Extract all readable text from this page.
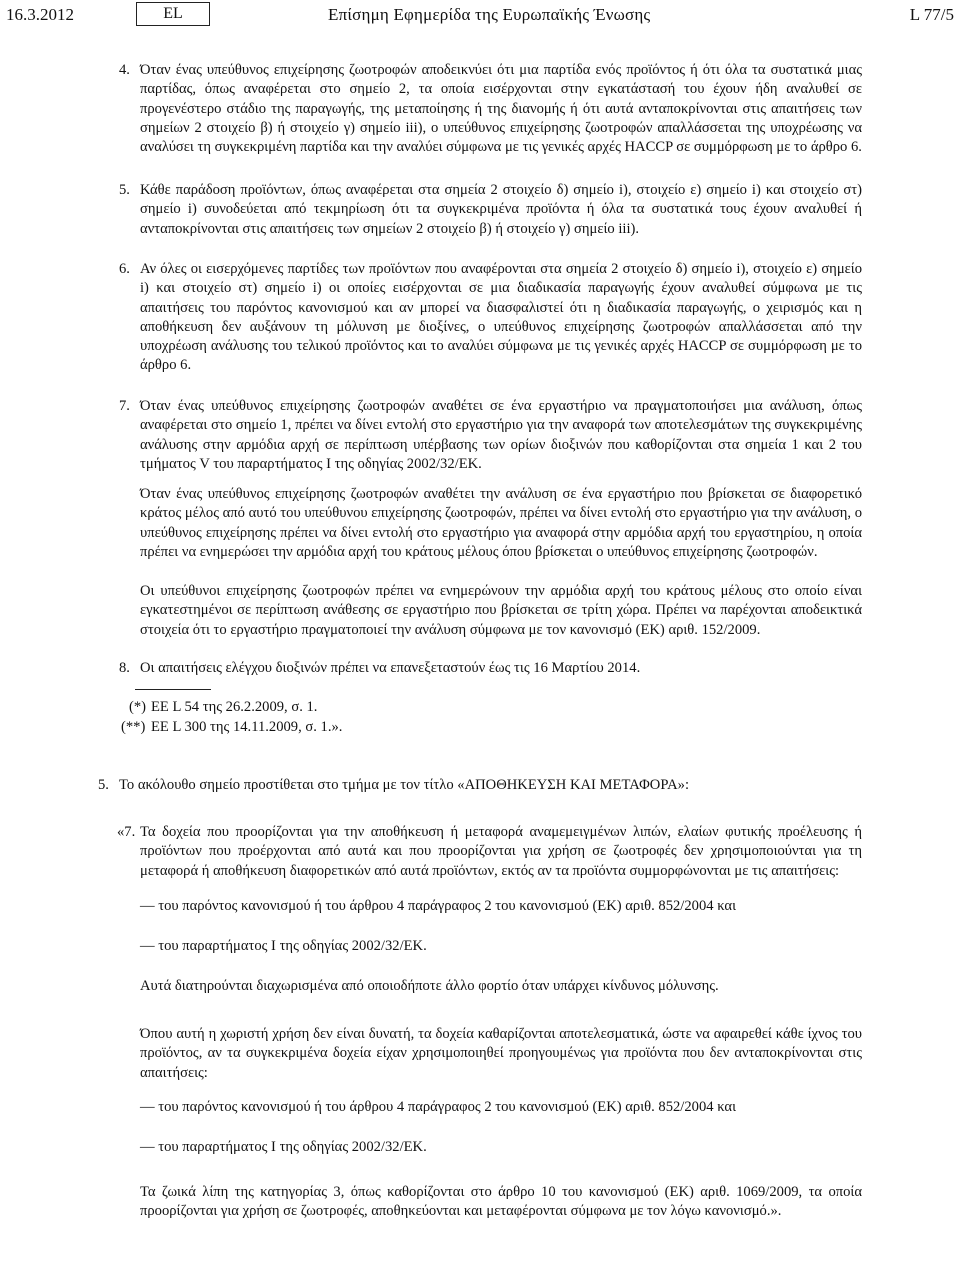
16.3.2012	EL	Επίσημη Εφημερίδα της Ευρωπαϊκής Ένωσης	L 77/5
4. Όταν ένας υπεύθυνος επιχείρησης ζωοτροφών αποδεικνύει ότι μια παρτίδα ενός προϊόντος ή ότι όλα τα συστατικά μιας παρτίδας, όπως αναφέρεται στο σημείο 2, τα οποία εισέρχονται στην εγκατάστασή του έχουν ήδη αναλυθεί σε προγενέστερο στάδιο της παραγωγής, της μεταποίησης ή της διανομής ή ότι αυτά ανταποκρίνονται στις απαιτήσεις των σημείων 2 στοιχείο β) ή στοιχείο γ) σημείο iii), ο υπεύθυνος επιχείρησης ζωοτροφών απαλλάσσεται της υποχρέωσης να αναλύσει τη συγκεκριμένη παρτίδα και την αναλύει σύμφωνα με τις γενικές αρχές HACCP σε συμμόρφωση με το άρθρο 6.
5. Κάθε παράδοση προϊόντων, όπως αναφέρεται στα σημεία 2 στοιχείο δ) σημείο i), στοιχείο ε) σημείο i) και στοιχείο στ) σημείο i) συνοδεύεται από τεκμηρίωση ότι τα συγκεκριμένα προϊόντα ή όλα τα συστατικά τους έχουν αναλυθεί ή ανταποκρίνονται στις απαιτήσεις των σημείων 2 στοιχείο β) ή στοιχείο γ) σημείο iii).
6. Αν όλες οι εισερχόμενες παρτίδες των προϊόντων που αναφέρονται στα σημεία 2 στοιχείο δ) σημείο i), στοιχείο ε) σημείο i) και στοιχείο στ) σημείο i) οι οποίες εισέρχονται σε μια διαδικασία παραγωγής έχουν αναλυθεί σύμφωνα με τις απαιτήσεις του παρόντος κανονισμού και αν μπορεί να διασφαλιστεί ότι η διαδικασία παραγωγής, ο χειρισμός και η αποθήκευση δεν αυξάνουν τη μόλυνση με διοξίνες, ο υπεύθυνος επιχείρησης ζωοτροφών απαλλάσσεται από την υποχρέωση ανάλυσης του τελικού προϊόντος και το αναλύει σύμφωνα με τις γενικές αρχές HACCP σε συμμόρφωση με το άρθρο 6.
7. Όταν ένας υπεύθυνος επιχείρησης ζωοτροφών αναθέτει σε ένα εργαστήριο να πραγματοποιήσει μια ανάλυση, όπως αναφέρεται στο σημείο 1, πρέπει να δίνει εντολή στο εργαστήριο για την αναφορά των αποτελεσμάτων της συγκεκριμένης ανάλυσης στην αρμόδια αρχή σε περίπτωση υπέρβασης των ορίων διοξινών που καθορίζονται στα σημεία 1 και 2 του τμήματος V του παραρτήματος I της οδηγίας 2002/32/ΕΚ.
Όταν ένας υπεύθυνος επιχείρησης ζωοτροφών αναθέτει την ανάλυση σε ένα εργαστήριο που βρίσκεται σε διαφορετικό κράτος μέλος από αυτό του υπεύθυνου επιχείρησης ζωοτροφών, πρέπει να δίνει εντολή στο εργαστήριο για την ανάλυση, ο υπεύθυνος επιχείρησης πρέπει να δίνει εντολή στο εργαστήριο για αναφορά στην αρμόδια αρχή του εργαστηρίου, η οποία πρέπει να ενημερώσει την αρμόδια αρχή του κράτους μέλους όπου βρίσκεται ο υπεύθυνος επιχείρησης ζωοτροφών.
Οι υπεύθυνοι επιχείρησης ζωοτροφών πρέπει να ενημερώνουν την αρμόδια αρχή του κράτους μέλους στο οποίο είναι εγκατεστημένοι σε περίπτωση ανάθεσης σε εργαστήριο που βρίσκεται σε τρίτη χώρα. Πρέπει να παρέχονται αποδεικτικά στοιχεία ότι το εργαστήριο πραγματοποιεί την ανάλυση σύμφωνα με τον κανονισμό (ΕΚ) αριθ. 152/2009.
8. Οι απαιτήσεις ελέγχου διοξινών πρέπει να επανεξεταστούν έως τις 16 Μαρτίου 2014.
(*) ΕΕ L 54 της 26.2.2009, σ. 1.
(**) ΕΕ L 300 της 14.11.2009, σ. 1.».
5. Το ακόλουθο σημείο προστίθεται στο τμήμα με τον τίτλο «ΑΠΟΘΗΚΕΥΣΗ ΚΑΙ ΜΕΤΑΦΟΡΑ»:
«7. Τα δοχεία που προορίζονται για την αποθήκευση ή μεταφορά αναμεμειγμένων λιπών, ελαίων φυτικής προέλευσης ή προϊόντων που προέρχονται από αυτά και που προορίζονται για χρήση σε ζωοτροφές δεν χρησιμοποιούνται για τη μεταφορά ή αποθήκευση διαφορετικών από αυτά προϊόντων, εκτός αν τα προϊόντα συμμορφώνονται με τις απαιτήσεις:
— του παρόντος κανονισμού ή του άρθρου 4 παράγραφος 2 του κανονισμού (ΕΚ) αριθ. 852/2004 και
— του παραρτήματος I της οδηγίας 2002/32/ΕΚ.
Αυτά διατηρούνται διαχωρισμένα από οποιοδήποτε άλλο φορτίο όταν υπάρχει κίνδυνος μόλυνσης.
Όπου αυτή η χωριστή χρήση δεν είναι δυνατή, τα δοχεία καθαρίζονται αποτελεσματικά, ώστε να αφαιρεθεί κάθε ίχνος του προϊόντος, αν τα συγκεκριμένα δοχεία είχαν χρησιμοποιηθεί προηγουμένως για προϊόντα που δεν ανταποκρίνονται στις απαιτήσεις:
— του παρόντος κανονισμού ή του άρθρου 4 παράγραφος 2 του κανονισμού (ΕΚ) αριθ. 852/2004 και
— του παραρτήματος I της οδηγίας 2002/32/ΕΚ.
Τα ζωικά λίπη της κατηγορίας 3, όπως καθορίζονται στο άρθρο 10 του κανονισμού (ΕΚ) αριθ. 1069/2009, τα οποία προορίζονται για χρήση σε ζωοτροφές, αποθηκεύονται και μεταφέρονται σύμφωνα με τον λόγω κανονισμό.».
